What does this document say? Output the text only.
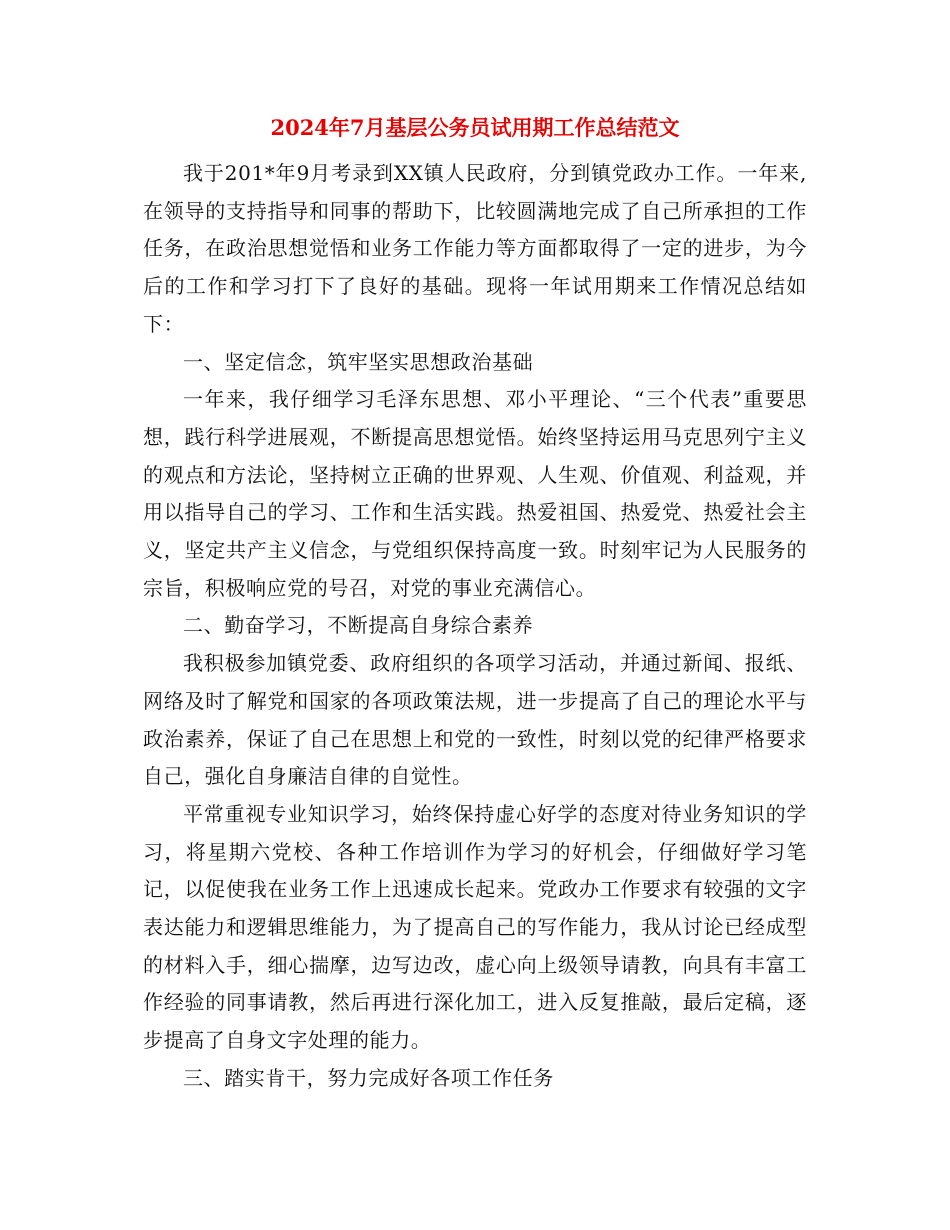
2024年7月基层公务员试用期工作总结范文

我于201*年9月考录到XX镇人民政府，分到镇党政办工作。一年来,在领导的支持指导和同事的帮助下，比较圆满地完成了自己所承担的工作任务，在政治思想觉悟和业务工作能力等方面都取得了一定的进步，为今后的工作和学习打下了良好的基础。现将一年试用期来工作情况总结如下：

一、坚定信念，筑牢坚实思想政治基础

一年来，我仔细学习毛泽东思想、邓小平理论、“三个代表”重要思想，践行科学进展观，不断提高思想觉悟。始终坚持运用马克思列宁主义的观点和方法论，坚持树立正确的世界观、人生观、价值观、利益观，并用以指导自己的学习、工作和生活实践。热爱祖国、热爱党、热爱社会主义，坚定共产主义信念，与党组织保持高度一致。时刻牢记为人民服务的宗旨，积极响应党的号召，对党的事业充满信心。

二、勤奋学习，不断提高自身综合素养

我积极参加镇党委、政府组织的各项学习活动，并通过新闻、报纸、网络及时了解党和国家的各项政策法规，进一步提高了自己的理论水平与政治素养，保证了自己在思想上和党的一致性，时刻以党的纪律严格要求自己，强化自身廉洁自律的自觉性。

平常重视专业知识学习，始终保持虚心好学的态度对待业务知识的学习，将星期六党校、各种工作培训作为学习的好机会，仔细做好学习笔记，以促使我在业务工作上迅速成长起来。党政办工作要求有较强的文字表达能力和逻辑思维能力，为了提高自己的写作能力，我从讨论已经成型的材料入手，细心揣摩，边写边改，虚心向上级领导请教，向具有丰富工作经验的同事请教，然后再进行深化加工，进入反复推敲，最后定稿，逐步提高了自身文字处理的能力。

三、踏实肯干，努力完成好各项工作任务
